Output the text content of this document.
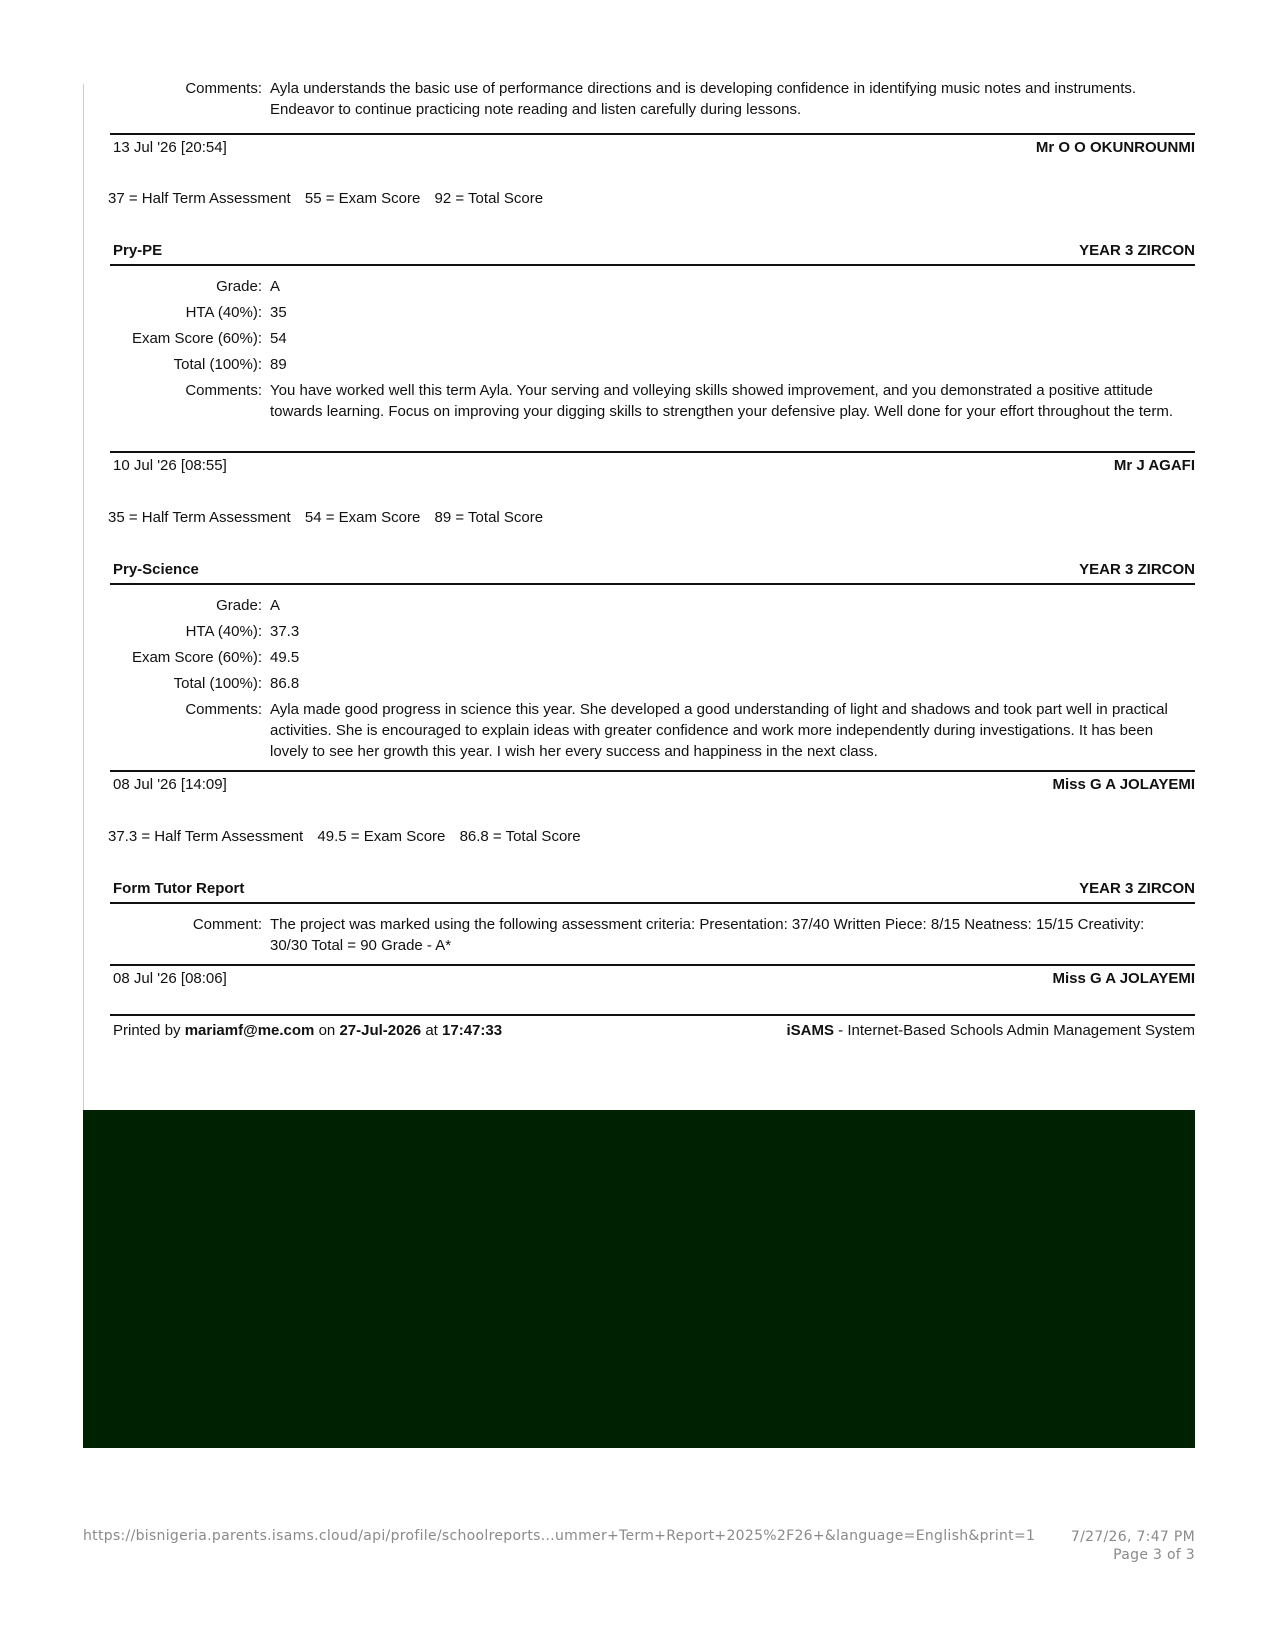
Comments: Ayla understands the basic use of performance directions and is developing confidence in identifying music notes and instruments. Endeavor to continue practicing note reading and listen carefully during lessons.
13 Jul '26 [20:54]	Mr O O OKUNROUNMI
37 = Half Term Assessment 55 = Exam Score 92 = Total Score
Pry-PE	YEAR 3 ZIRCON
Grade: A
HTA (40%): 35
Exam Score (60%): 54
Total (100%): 89
Comments: You have worked well this term Ayla. Your serving and volleying skills showed improvement, and you demonstrated a positive attitude towards learning. Focus on improving your digging skills to strengthen your defensive play. Well done for your effort throughout the term.
10 Jul '26 [08:55]	Mr J AGAFI
35 = Half Term Assessment 54 = Exam Score 89 = Total Score
Pry-Science	YEAR 3 ZIRCON
Grade: A
HTA (40%): 37.3
Exam Score (60%): 49.5
Total (100%): 86.8
Comments: Ayla made good progress in science this year. She developed a good understanding of light and shadows and took part well in practical activities. She is encouraged to explain ideas with greater confidence and work more independently during investigations. It has been lovely to see her growth this year. I wish her every success and happiness in the next class.
08 Jul '26 [14:09]	Miss G A JOLAYEMI
37.3 = Half Term Assessment 49.5 = Exam Score 86.8 = Total Score
Form Tutor Report	YEAR 3 ZIRCON
Comment: The project was marked using the following assessment criteria: Presentation: 37/40 Written Piece: 8/15 Neatness: 15/15 Creativity: 30/30 Total = 90 Grade - A*
08 Jul '26 [08:06]	Miss G A JOLAYEMI
Printed by mariamf@me.com on 27-Jul-2026 at 17:47:33	iSAMS - Internet-Based Schools Admin Management System
https://bisnigeria.parents.isams.cloud/api/profile/schoolreports...ummer+Term+Report+2025%2F26+&language=English&print=1	7/27/26, 7:47 PM
Page 3 of 3
